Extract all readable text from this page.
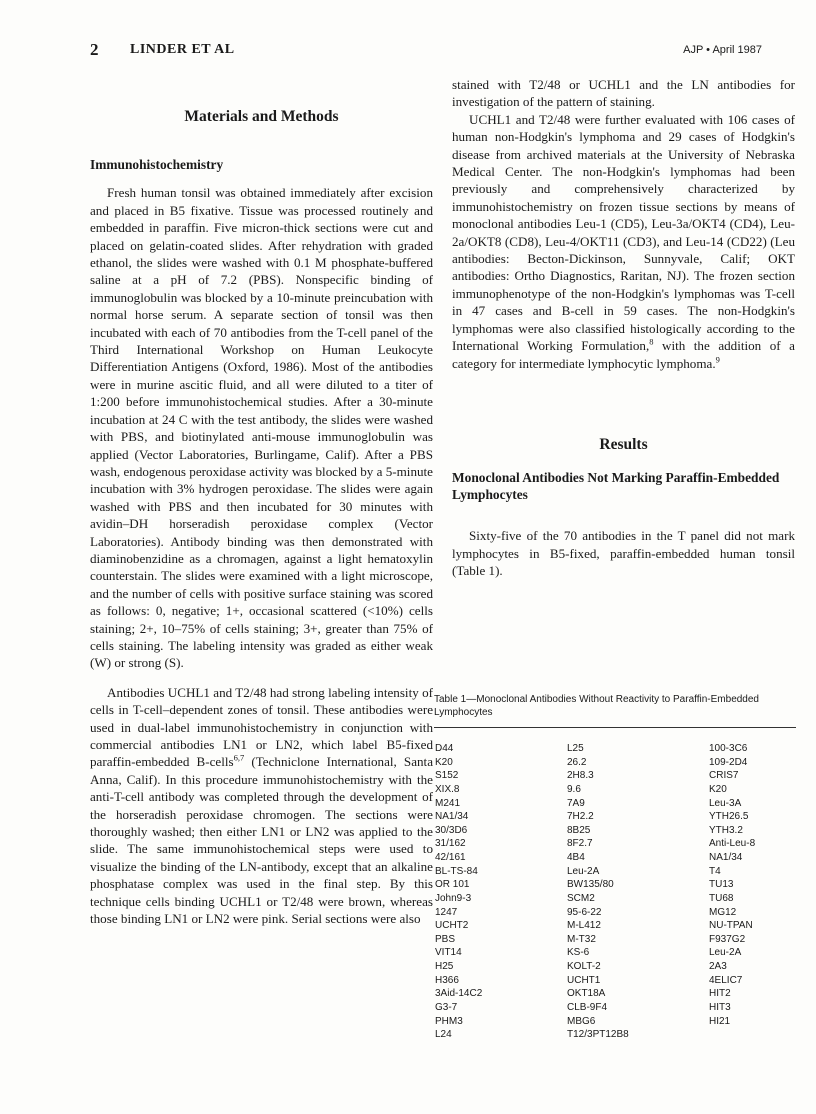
2 LINDER ET AL	AJP • April 1987
Materials and Methods
Immunohistochemistry

Fresh human tonsil was obtained immediately after excision and placed in B5 fixative. Tissue was processed routinely and embedded in paraffin. Five micron-thick sections were cut and placed on gelatin-coated slides. After rehydration with graded ethanol, the slides were washed with 0.1 M phosphate-buffered saline at a pH of 7.2 (PBS). Nonspecific binding of immunoglobulin was blocked by a 10-minute preincubation with normal horse serum. A separate section of tonsil was then incubated with each of 70 antibodies from the T-cell panel of the Third International Workshop on Human Leukocyte Differentiation Antigens (Oxford, 1986). Most of the antibodies were in murine ascitic fluid, and all were diluted to a titer of 1:200 before immunohistochemical studies. After a 30-minute incubation at 24 C with the test antibody, the slides were washed with PBS, and biotinylated anti-mouse immunoglobulin was applied (Vector Laboratories, Burlingame, Calif). After a PBS wash, endogenous peroxidase activity was blocked by a 5-minute incubation with 3% hydrogen peroxidase. The slides were again washed with PBS and then incubated for 30 minutes with avidin–DH horseradish peroxidase complex (Vector Laboratories). Antibody binding was then demonstrated with diaminobenzidine as a chromagen, against a light hematoxylin counterstain. The slides were examined with a light microscope, and the number of cells with positive surface staining was scored as follows: 0, negative; 1+, occasional scattered (<10%) cells staining; 2+, 10–75% of cells staining; 3+, greater than 75% of cells staining. The labeling intensity was graded as either weak (W) or strong (S).

Antibodies UCHL1 and T2/48 had strong labeling intensity of cells in T-cell–dependent zones of tonsil. These antibodies were used in dual-label immunohistochemistry in conjunction with commercial antibodies LN1 or LN2, which label B5-fixed paraffin-embedded B-cells$^{6,7}$ (Techniclone International, Santa Anna, Calif). In this procedure immunohistochemistry with the anti-T-cell antibody was completed through the development of the horseradish peroxidase chromogen. The sections were thoroughly washed; then either LN1 or LN2 was applied to the slide. The same immunohistochemical steps were used to visualize the binding of the LN-antibody, except that an alkaline phosphatase complex was used in the final step. By this technique cells binding UCHL1 or T2/48 were brown, whereas those binding LN1 or LN2 were pink. Serial sections were also

stained with T2/48 or UCHL1 and the LN antibodies for investigation of the pattern of staining.

UCHL1 and T2/48 were further evaluated with 106 cases of human non-Hodgkin's lymphoma and 29 cases of Hodgkin's disease from archived materials at the University of Nebraska Medical Center. The non-Hodgkin's lymphomas had been previously and comprehensively characterized by immunohistochemistry on frozen tissue sections by means of monoclonal antibodies Leu-1 (CD5), Leu-3a/OKT4 (CD4), Leu-2a/OKT8 (CD8), Leu-4/OKT11 (CD3), and Leu-14 (CD22) (Leu antibodies: Becton-Dickinson, Sunnyvale, Calif; OKT antibodies: Ortho Diagnostics, Raritan, NJ). The frozen section immunophenotype of the non-Hodgkin's lymphomas was T-cell in 47 cases and B-cell in 59 cases. The non-Hodgkin's lymphomas were also classified histologically according to the International Working Formulation,$^8$ with the addition of a category for intermediate lymphocytic lymphoma.$^9$

Results
Monoclonal Antibodies Not Marking Paraffin-Embedded Lymphocytes

Sixty-five of the 70 antibodies in the T panel did not mark lymphocytes in B5-fixed, paraffin-embedded human tonsil (Table 1).

Table 1—Monoclonal Antibodies Without Reactivity to Paraffin-Embedded Lymphocytes
D44
K20
S152
XIX.8
M241
NA1/34
30/3D6
31/162
42/161
BL-TS-84
OR 101
John9-3
1247
UCHT2
PBS
VIT14
H25
H366
3Aid-14C2
G3-7
PHM3
L24
L25
26.2
2H8.3
9.6
7A9
7H2.2
8B25
8F2.7
4B4
Leu-2A
BW135/80
SCM2
95-6-22
M-L412
M-T32
KS-6
KOLT-2
UCHT1
OKT18A
CLB-9F4
MBG6
T12/3PT12B8
100-3C6
109-2D4
CRIS7
K20
Leu-3A
YTH26.5
YTH3.2
Anti-Leu-8
NA1/34
T4
TU13
TU68
MG12
NU-TPAN
F937G2
Leu-2A
2A3
4ELIC7
HIT2
HIT3
HI21
